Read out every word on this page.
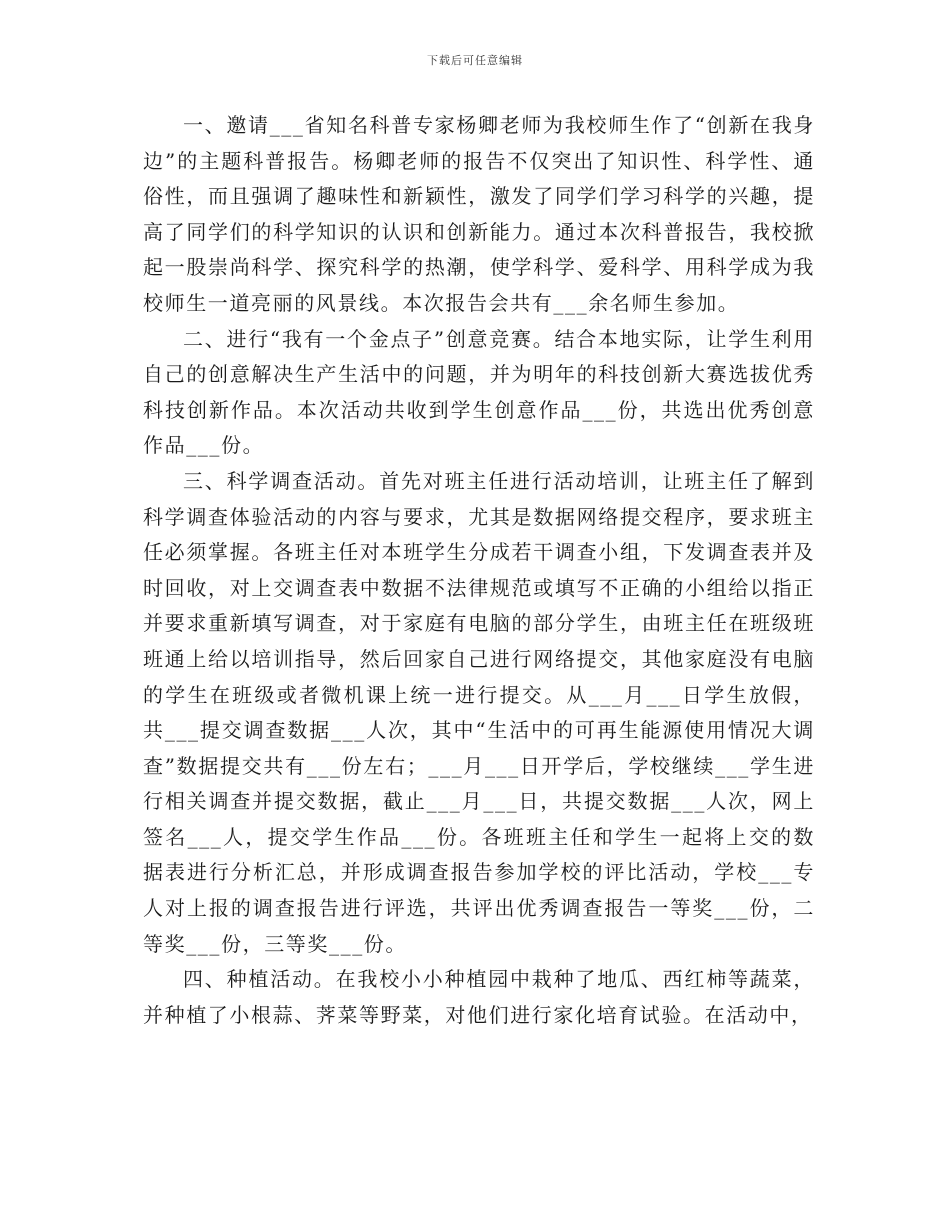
下载后可任意编辑

一、邀请___省知名科普专家杨卿老师为我校师生作了“创新在我身边”的主题科普报告。杨卿老师的报告不仅突出了知识性、科学性、通俗性，而且强调了趣味性和新颖性，激发了同学们学习科学的兴趣，提高了同学们的科学知识的认识和创新能力。通过本次科普报告，我校掀起一股崇尚科学、探究科学的热潮，使学科学、爱科学、用科学成为我校师生一道亮丽的风景线。本次报告会共有___余名师生参加。

二、进行“我有一个金点子”创意竞赛。结合本地实际，让学生利用自己的创意解决生产生活中的问题，并为明年的科技创新大赛选拔优秀科技创新作品。本次活动共收到学生创意作品___份，共选出优秀创意作品___份。

三、科学调查活动。首先对班主任进行活动培训，让班主任了解到科学调查体验活动的内容与要求，尤其是数据网络提交程序，要求班主任必须掌握。各班主任对本班学生分成若干调查小组，下发调查表并及时回收，对上交调查表中数据不法律规范或填写不正确的小组给以指正并要求重新填写调查，对于家庭有电脑的部分学生，由班主任在班级班班通上给以培训指导，然后回家自己进行网络提交，其他家庭没有电脑的学生在班级或者微机课上统一进行提交。从___月___日学生放假，共___提交调查数据___人次，其中“生活中的可再生能源使用情况大调查”数据提交共有___份左右；___月___日开学后，学校继续___学生进行相关调查并提交数据，截止___月___日，共提交数据___人次，网上签名___人，提交学生作品___份。各班班主任和学生一起将上交的数据表进行分析汇总，并形成调查报告参加学校的评比活动，学校___专人对上报的调查报告进行评选，共评出优秀调查报告一等奖___份，二等奖___份，三等奖___份。

四、种植活动。在我校小小种植园中栽种了地瓜、西红柿等蔬菜，并种植了小根蒜、荠菜等野菜，对他们进行家化培育试验。在活动中，
